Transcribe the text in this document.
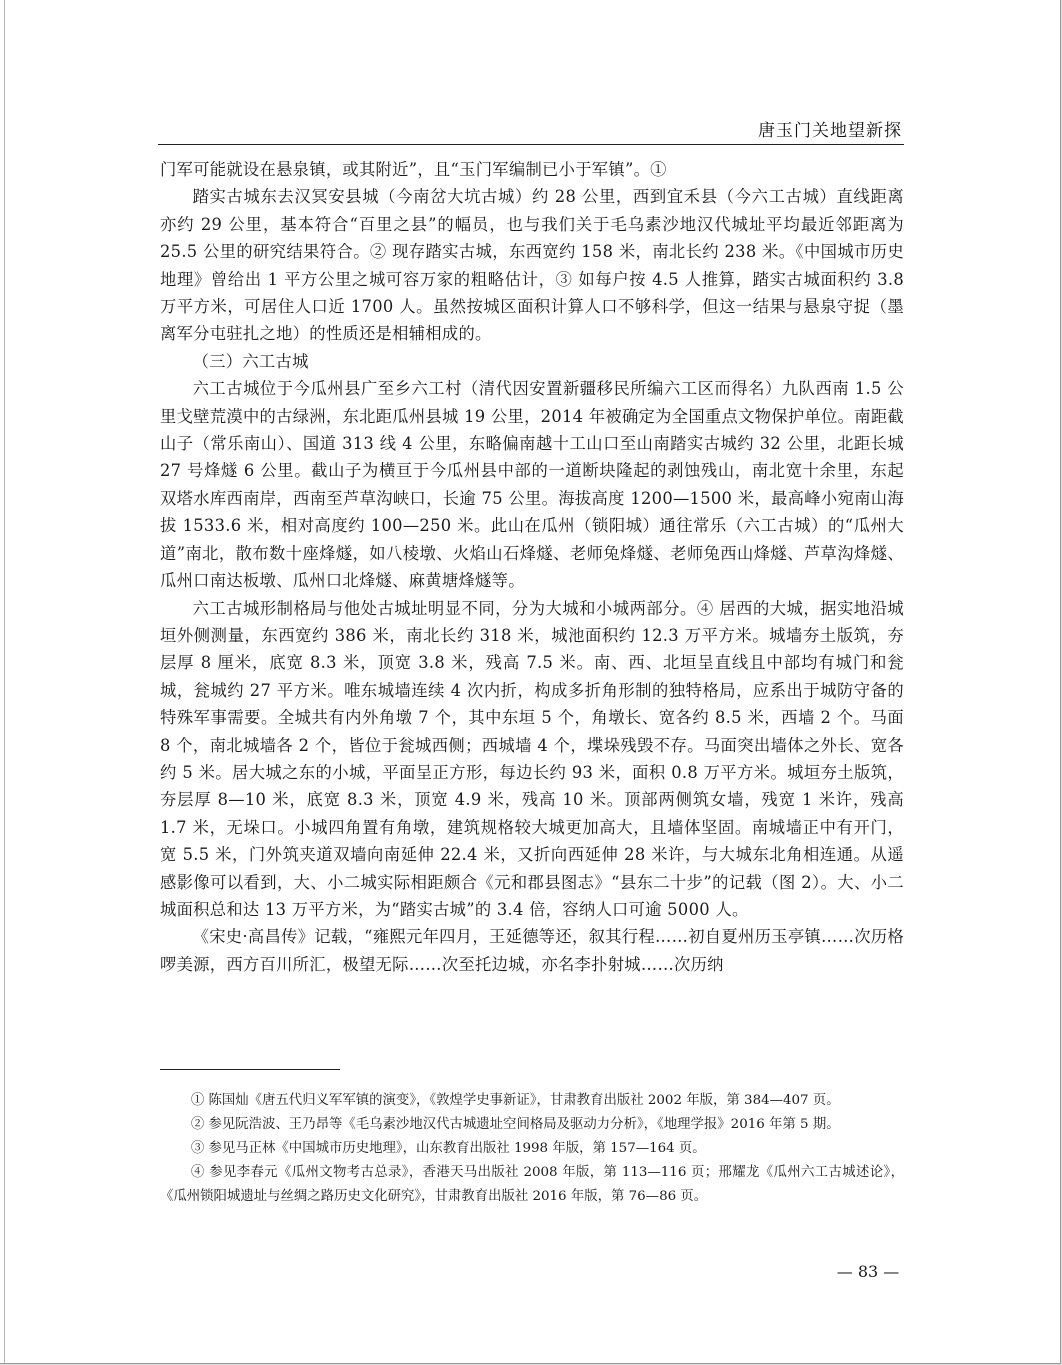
唐玉门关地望新探

门军可能就设在悬泉镇，或其附近”，且“玉门军编制已小于军镇”。①

踏实古城东去汉冥安县城（今南岔大坑古城）约 28 公里，西到宜禾县（今六工古城）直线距离亦约 29 公里，基本符合“百里之县”的幅员，也与我们关于毛乌素沙地汉代城址平均最近邻距离为 25.5 公里的研究结果符合。② 现存踏实古城，东西宽约 158 米，南北长约 238 米。《中国城市历史地理》曾给出 1 平方公里之城可容万家的粗略估计，③ 如每户按 4.5 人推算，踏实古城面积约 3.8 万平方米，可居住人口近 1700 人。虽然按城区面积计算人口不够科学，但这一结果与悬泉守捉（墨离军分屯驻扎之地）的性质还是相辅相成的。

（三）六工古城

六工古城位于今瓜州县广至乡六工村（清代因安置新疆移民所编六工区而得名）九队西南 1.5 公里戈壁荒漠中的古绿洲，东北距瓜州县城 19 公里，2014 年被确定为全国重点文物保护单位。南距截山子（常乐南山）、国道 313 线 4 公里，东略偏南越十工山口至山南踏实古城约 32 公里，北距长城 27 号烽燧 6 公里。截山子为横亘于今瓜州县中部的一道断块隆起的剥蚀残山，南北宽十余里，东起双塔水库西南岸，西南至芦草沟峡口，长逾 75 公里。海拔高度 1200—1500 米，最高峰小宛南山海拔 1533.6 米，相对高度约 100—250 米。此山在瓜州（锁阳城）通往常乐（六工古城）的“瓜州大道”南北，散布数十座烽燧，如八棱墩、火焰山石烽燧、老师兔烽燧、老师兔西山烽燧、芦草沟烽燧、瓜州口南达板墩、瓜州口北烽燧、麻黄塘烽燧等。

六工古城形制格局与他处古城址明显不同，分为大城和小城两部分。④ 居西的大城，据实地沿城垣外侧测量，东西宽约 386 米，南北长约 318 米，城池面积约 12.3 万平方米。城墙夯土版筑，夯层厚 8 厘米，底宽 8.3 米，顶宽 3.8 米，残高 7.5 米。南、西、北垣呈直线且中部均有城门和瓮城，瓮城约 27 平方米。唯东城墙连续 4 次内折，构成多折角形制的独特格局，应系出于城防守备的特殊军事需要。全城共有内外角墩 7 个，其中东垣 5 个，角墩长、宽各约 8.5 米，西墙 2 个。马面 8 个，南北城墙各 2 个，皆位于瓮城西侧；西城墙 4 个，堞垛残毁不存。马面突出墙体之外长、宽各约 5 米。居大城之东的小城，平面呈正方形，每边长约 93 米，面积 0.8 万平方米。城垣夯土版筑，夯层厚 8—10 米，底宽 8.3 米，顶宽 4.9 米，残高 10 米。顶部两侧筑女墙，残宽 1 米许，残高 1.7 米，无垛口。小城四角置有角墩，建筑规格较大城更加高大，且墙体坚固。南城墙正中有开门，宽 5.5 米，门外筑夹道双墙向南延伸 22.4 米，又折向西延伸 28 米许，与大城东北角相连通。从遥感影像可以看到，大、小二城实际相距颇合《元和郡县图志》“县东二十步”的记载（图 2）。大、小二城面积总和达 13 万平方米，为“踏实古城”的 3.4 倍，容纳人口可逾 5000 人。

《宋史·高昌传》记载，“雍熙元年四月，王延德等还，叙其行程……初自夏州历玉亭镇……次历格啰美源，西方百川所汇，极望无际……次至托边城，亦名李扑射城……次历纳

① 陈国灿《唐五代归义军军镇的演变》，《敦煌学史事新证》，甘肃教育出版社 2002 年版，第 384—407 页。

② 参见阮浩波、王乃昂等《毛乌素沙地汉代古城遗址空间格局及驱动力分析》，《地理学报》2016 年第 5 期。

③ 参见马正林《中国城市历史地理》，山东教育出版社 1998 年版，第 157—164 页。

④ 参见李春元《瓜州文物考古总录》，香港天马出版社 2008 年版，第 113—116 页；邢耀龙《瓜州六工古城述论》，《瓜州锁阳城遗址与丝绸之路历史文化研究》，甘肃教育出版社 2016 年版，第 76—86 页。

— 83 —
